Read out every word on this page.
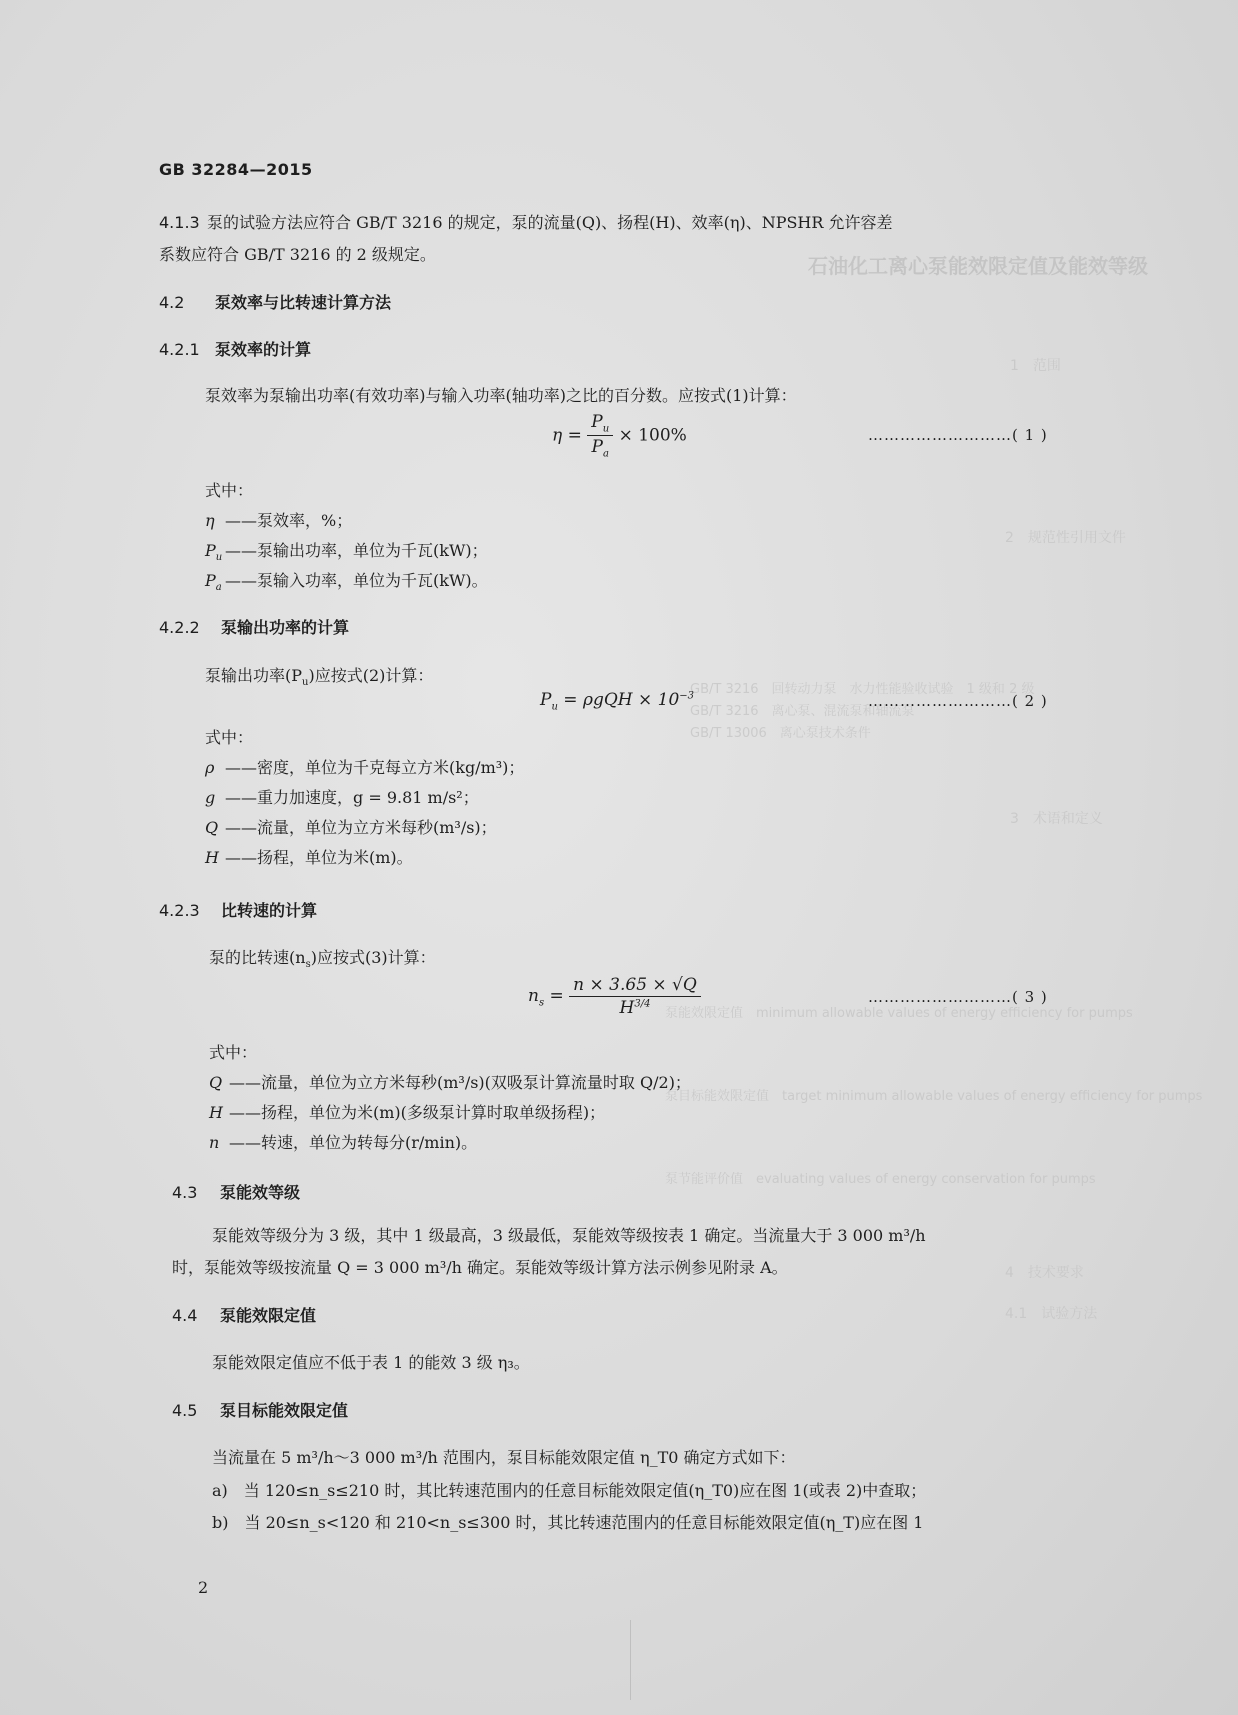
石油化工离心泵能效限定值及能效等级
1　范围
2　规范性引用文件
GB/T 3216　回转动力泵　水力性能验收试验　1 级和 2 级
GB/T 3216　离心泵、混流泵和轴流泵
GB/T 13006　离心泵技术条件
3　术语和定义
泵能效限定值　minimum allowable values of energy efficiency for pumps
泵目标能效限定值　target minimum allowable values of energy efficiency for pumps
泵节能评价值　evaluating values of energy conservation for pumps
4　技术要求
4.1　试验方法
GB 32284—2015
4.1.3 泵的试验方法应符合 GB/T 3216 的规定，泵的流量(Q)、扬程(H)、效率(η)、NPSHR 允许容差
系数应符合 GB/T 3216 的 2 级规定。
4.2 泵效率与比转速计算方法
4.2.1 泵效率的计算
泵效率为泵输出功率(有效功率)与输入功率(轴功率)之比的百分数。应按式(1)计算：
$\eta = \frac{P_u}{P_a} \times 100\%$	………………………( 1 )
式中：
η ——泵效率，%；
$P_u$ ——泵输出功率，单位为千瓦(kW)；
$P_a$ ——泵输入功率，单位为千瓦(kW)。
4.2.2 泵输出功率的计算
泵输出功率$(P_u)$应按式(2)计算：
$P_u = \rho gQH \times 10^{-3}$	………………………( 2 )
式中：
ρ ——密度，单位为千克每立方米(kg/m³)；
g ——重力加速度，g = 9.81 m/s²；
Q ——流量，单位为立方米每秒(m³/s)；
H ——扬程，单位为米(m)。
4.2.3 比转速的计算
泵的比转速$(n_s)$应按式(3)计算：
$n_s = \frac{n \times 3.65 \times √Q}{H^{3/4}}$	………………………( 3 )
式中：
Q ——流量，单位为立方米每秒(m³/s)(双吸泵计算流量时取 Q/2)；
H ——扬程，单位为米(m)(多级泵计算时取单级扬程)；
n ——转速，单位为转每分(r/min)。
4.3 泵能效等级
泵能效等级分为 3 级，其中 1 级最高，3 级最低，泵能效等级按表 1 确定。当流量大于 3 000 m³/h
时，泵能效等级按流量 Q = 3 000 m³/h 确定。泵能效等级计算方法示例参见附录 A。
4.4 泵能效限定值
泵能效限定值应不低于表 1 的能效 3 级 η₃。
4.5 泵目标能效限定值
当流量在 5 m³/h～3 000 m³/h 范围内，泵目标能效限定值 η_T0 确定方式如下：
a)　当 120≤n_s≤210 时，其比转速范围内的任意目标能效限定值(η_T0)应在图 1(或表 2)中查取；
b)　当 20≤n_s<120 和 210<n_s≤300 时，其比转速范围内的任意目标能效限定值(η_T)应在图 1
2
